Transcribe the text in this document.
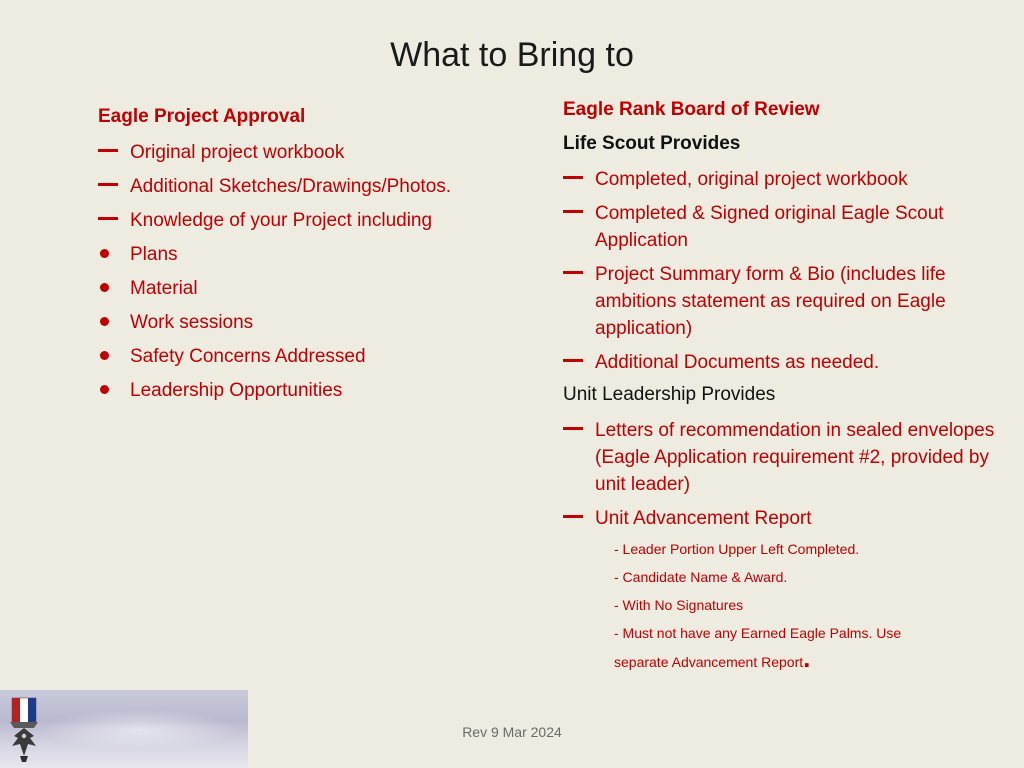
What to Bring to
Eagle Project Approval
Original project workbook
Additional Sketches/Drawings/Photos.
Knowledge of your Project including
Plans
Material
Work sessions
Safety Concerns Addressed
Leadership Opportunities
Eagle Rank Board of Review
Life Scout Provides
Completed, original project workbook
Completed & Signed original Eagle Scout Application
Project Summary form & Bio (includes life ambitions statement as required on Eagle application)
Additional Documents as needed.
Unit Leadership Provides
Letters of recommendation in sealed envelopes (Eagle Application requirement #2, provided by unit leader)
Unit Advancement Report
- Leader Portion Upper Left Completed.
- Candidate Name & Award.
- With No Signatures
- Must not have any Earned Eagle Palms. Use
separate Advancement Report.
Rev 9 Mar 2024
